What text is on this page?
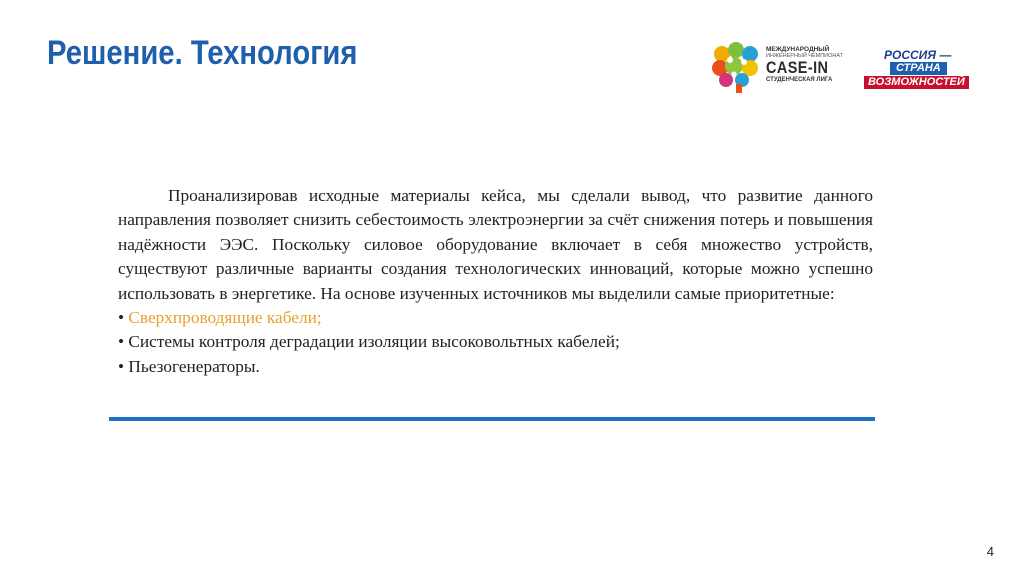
Решение. Технология	МЕЖДУНАРОДНЫЙ
ИНЖЕНЕРНЫЙ ЧЕМПИОНАТ
CASE-IN
СТУДЕНЧЕСКАЯ ЛИГА
РОССИЯ —
СТРАНА
ВОЗМОЖНОСТЕЙ

Проанализировав исходные материалы кейса, мы сделали вывод, что развитие данного направления позволяет снизить себестоимость электроэнергии за счёт снижения потерь и повышения надёжности ЭЭС. Поскольку силовое оборудование включает в себя множество устройств, существуют различные варианты создания технологических инноваций, которые можно успешно использовать в энергетике. На основе изученных источников мы выделили самые приоритетные:

• Сверхпроводящие кабели;

• Системы контроля деградации изоляции высоковольтных кабелей;

• Пьезогенераторы.

4
